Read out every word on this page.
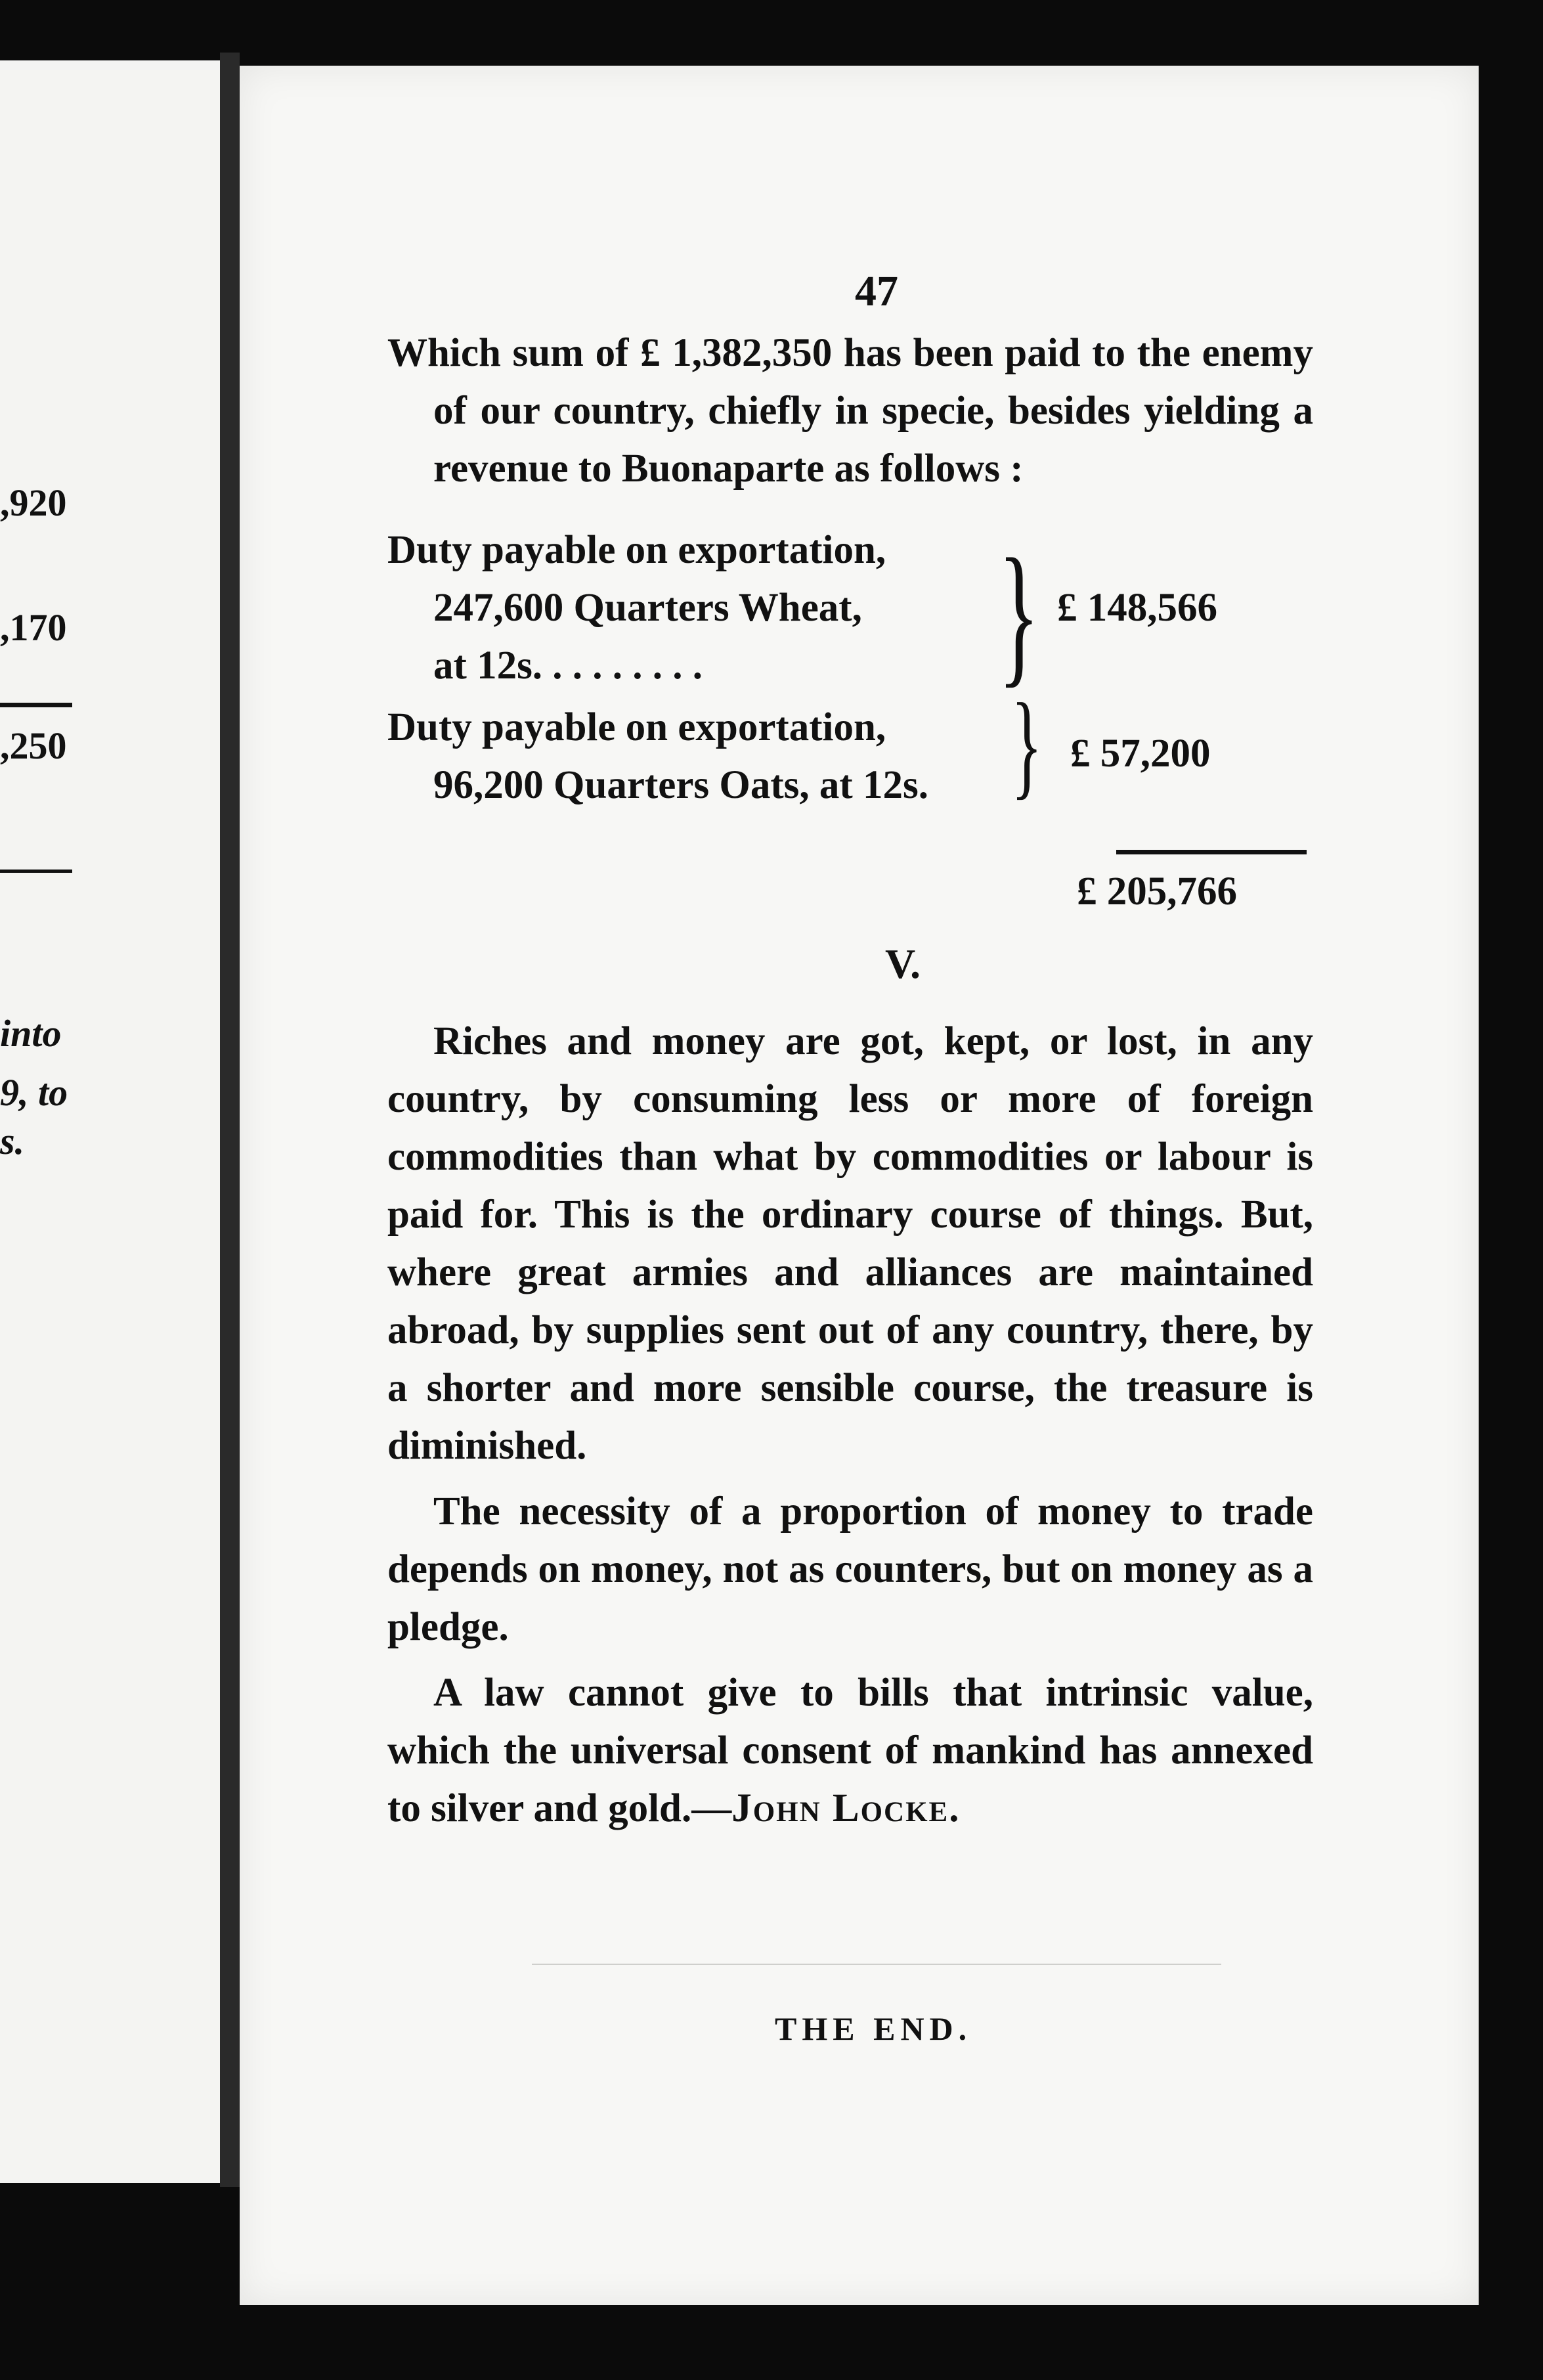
,920
,170
,250
into
9, to
s.
47

Which sum of £ 1,382,350 has been paid to the enemy of our country, chiefly in specie, besides yielding a revenue to Buonaparte as follows :

Duty payable on exportation,
247,600 Quarters Wheat,
at 12s. . . . . . . . .	} £ 148,566
Duty payable on exportation,
96,200 Quarters Oats, at 12s. } £ 57,200
£ 205,766
V.

Riches and money are got, kept, or lost, in any country, by consuming less or more of foreign commodities than what by commodities or labour is paid for. This is the ordinary course of things. But, where great armies and alliances are maintained abroad, by supplies sent out of any country, there, by a shorter and more sensible course, the treasure is diminished.

The necessity of a proportion of money to trade depends on money, not as counters, but on money as a pledge.

A law cannot give to bills that intrinsic value, which the universal consent of mankind has annexed to silver and gold.—John Locke.

THE END.
